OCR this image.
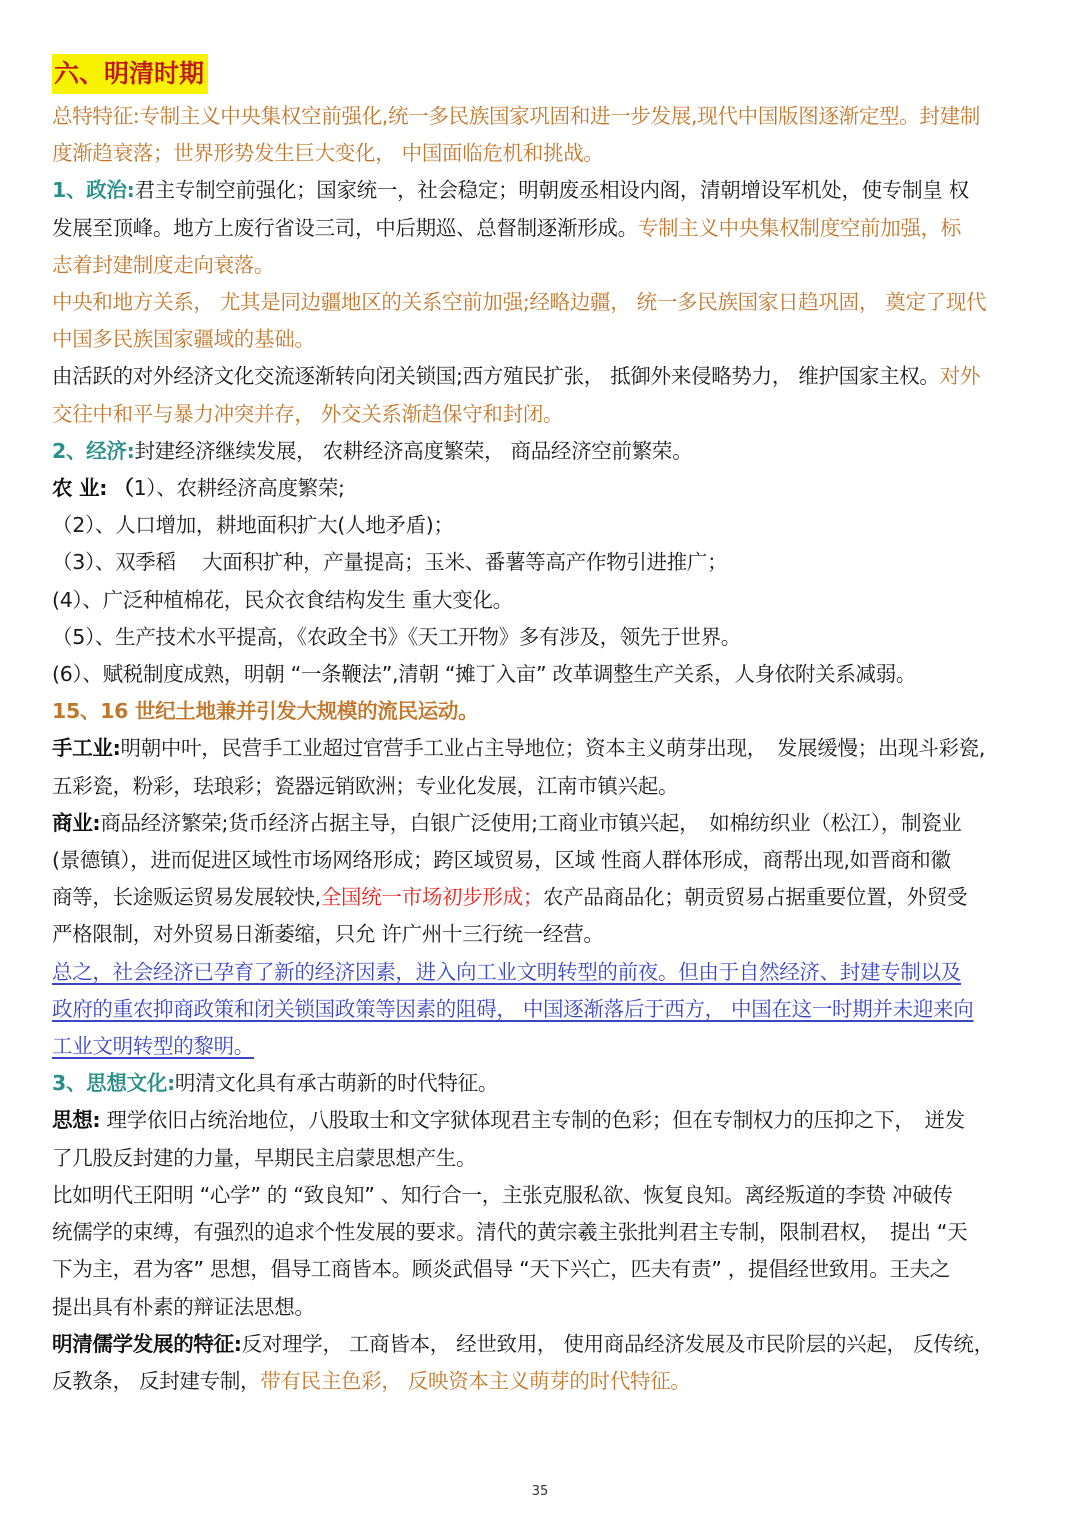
六、明清时期
总特特征:专制主义中央集权空前强化,统一多民族国家巩固和进一步发展,现代中国版图逐渐定型。封建制
度渐趋衰落；世界形势发生巨大变化， 中国面临危机和挑战。
1、政治:君主专制空前强化；国家统一，社会稳定；明朝废丞相设内阁，清朝增设军机处，使专制皇 权
发展至顶峰。地方上废行省设三司，中后期巡、总督制逐渐形成。专制主义中央集权制度空前加强，标
志着封建制度走向衰落。
中央和地方关系， 尤其是同边疆地区的关系空前加强;经略边疆， 统一多民族国家日趋巩固， 奠定了现代
中国多民族国家疆域的基础。
由活跃的对外经济文化交流逐渐转向闭关锁国;西方殖民扩张， 抵御外来侵略势力， 维护国家主权。对外
交往中和平与暴力冲突并存， 外交关系渐趋保守和封闭。
2、经济:封建经济继续发展， 农耕经济高度繁荣， 商品经济空前繁荣。
农 业: （1）、农耕经济高度繁荣;
（2）、人口增加，耕地面积扩大(人地矛盾)；
（3）、双季稻　 大面积扩种，产量提高；玉米、番薯等高产作物引进推广；
(4）、广泛种植棉花，民众衣食结构发生 重大变化。
（5）、生产技术水平提高，《农政全书》《天工开物》多有涉及，领先于世界。
(6）、赋税制度成熟，明朝 “一条鞭法”,清朝 “摊丁入亩” 改革调整生产关系，人身依附关系减弱。
15、16 世纪土地兼并引发大规模的流民运动。
手工业:明朝中叶，民营手工业超过官营手工业占主导地位；资本主义萌芽出现，　发展缓慢；出现斗彩瓷,
五彩瓷，粉彩，珐琅彩；瓷器远销欧洲；专业化发展，江南市镇兴起。
商业:商品经济繁荣;货币经济占据主导，白银广泛使用;工商业市镇兴起，　如棉纺织业（松江），制瓷业
(景德镇），进而促进区域性市场网络形成；跨区域贸易，区域 性商人群体形成，商帮出现,如晋商和徽
商等，长途贩运贸易发展较快,全国统一市场初步形成；农产品商品化；朝贡贸易占据重要位置，外贸受
严格限制，对外贸易日渐萎缩，只允 许广州十三行统一经营。
总之，社会经济已孕育了新的经济因素，进入向工业文明转型的前夜。但由于自然经济、封建专制以及
政府的重农抑商政策和闭关锁国政策等因素的阻碍， 中国逐渐落后于西方， 中国在这一时期并未迎来向
工业文明转型的黎明。
3、思想文化:明清文化具有承古萌新的时代特征。
思想: 理学依旧占统治地位，八股取士和文字狱体现君主专制的色彩；但在专制权力的压抑之下，　迸发
了几股反封建的力量，早期民主启蒙思想产生。
比如明代王阳明 “心学” 的 “致良知” 、知行合一，主张克服私欲、恢复良知。离经叛道的李贽 冲破传
统儒学的束缚，有强烈的追求个性发展的要求。清代的黄宗羲主张批判君主专制，限制君权，　提出 “天
下为主，君为客” 思想，倡导工商皆本。顾炎武倡导 “天下兴亡，匹夫有责” ，提倡经世致用。王夫之
提出具有朴素的辩证法思想。
明清儒学发展的特征:反对理学， 工商皆本， 经世致用， 使用商品经济发展及市民阶层的兴起， 反传统，
反教条， 反封建专制，带有民主色彩， 反映资本主义萌芽的时代特征。
35
